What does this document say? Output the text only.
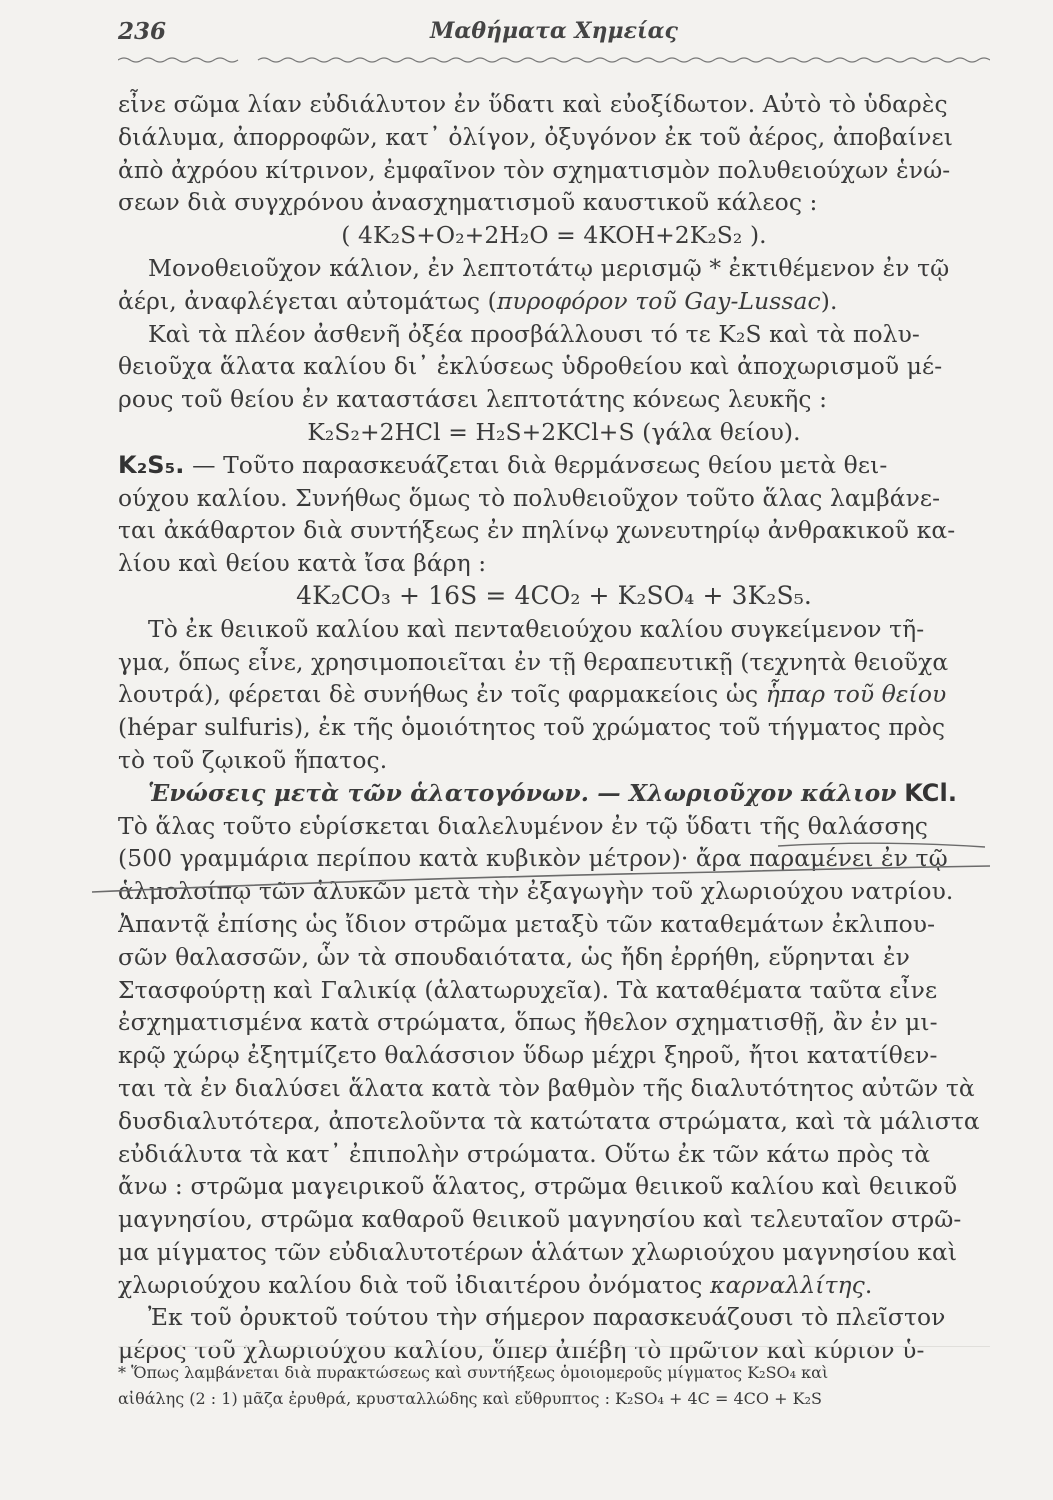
236	Μαθήματα Χημείας
εἶνε σῶμα λίαν εὐδιάλυτον ἐν ὕδατι καὶ εὐοξίδωτον. Αὐτὸ τὸ ὑδαρὲς
διάλυμα, ἀπορροφῶν, κατ᾿ ὀλίγον, ὀξυγόνον ἐκ τοῦ ἀέρος, ἀποβαίνει
ἀπὸ ἀχρόου κίτρινον, ἐμφαῖνον τὸν σχηματισμὸν πολυθειούχων ἑνώ-
σεων διὰ συγχρόνου ἀνασχηματισμοῦ καυστικοῦ κάλεος :
( 4K₂S+O₂+2H₂O = 4KOH+2K₂S₂ ).
Μονοθειοῦχον κάλιον, ἐν λεπτοτάτῳ μερισμῷ * ἐκτιθέμενον ἐν τῷ
ἀέρι, ἀναφλέγεται αὐτομάτως (πυροφόρον τοῦ Gay-Lussac).
Καὶ τὰ πλέον ἀσθενῆ ὀξέα προσβάλλουσι τό τε K₂S καὶ τὰ πολυ-
θειοῦχα ἅλατα καλίου δι᾿ ἐκλύσεως ὑδροθείου καὶ ἀποχωρισμοῦ μέ-
ρους τοῦ θείου ἐν καταστάσει λεπτοτάτης κόνεως λευκῆς :
K₂S₂+2HCl = H₂S+2KCl+S (γάλα θείου).
K₂S₅. — Τοῦτο παρασκευάζεται διὰ θερμάνσεως θείου μετὰ θει-
ούχου καλίου. Συνήθως ὅμως τὸ πολυθειοῦχον τοῦτο ἅλας λαμβάνε-
ται ἀκάθαρτον διὰ συντήξεως ἐν πηλίνῳ χωνευτηρίῳ ἀνθρακικοῦ κα-
λίου καὶ θείου κατὰ ἴσα βάρη :
4K₂CO₃ + 16S = 4CO₂ + K₂SO₄ + 3K₂S₅.
Τὸ ἐκ θειικοῦ καλίου καὶ πενταθειούχου καλίου συγκείμενον τῆ-
γμα, ὅπως εἶνε, χρησιμοποιεῖται ἐν τῇ θεραπευτικῇ (τεχνητὰ θειοῦχα
λουτρά), φέρεται δὲ συνήθως ἐν τοῖς φαρμακείοις ὡς ἧπαρ τοῦ θείου
(hépar sulfuris), ἐκ τῆς ὁμοιότητος τοῦ χρώματος τοῦ τήγματος πρὸς
τὸ τοῦ ζῳικοῦ ἥπατος.
Ἑνώσεις μετὰ τῶν ἁλατογόνων. — Χλωριοῦχον κάλιον KCl.
Τὸ ἅλας τοῦτο εὑρίσκεται διαλελυμένον ἐν τῷ ὕδατι τῆς θαλάσσης
(500 γραμμάρια περίπου κατὰ κυβικὸν μέτρον)· ἄρα παραμένει ἐν τῷ
ἁλμολοίπῳ τῶν ἁλυκῶν μετὰ τὴν ἐξαγωγὴν τοῦ χλωριούχου νατρίου.
Ἀπαντᾷ ἐπίσης ὡς ἴδιον στρῶμα μεταξὺ τῶν καταθεμάτων ἐκλιπου-
σῶν θαλασσῶν, ὧν τὰ σπουδαιότατα, ὡς ἤδη ἐρρήθη, εὕρηνται ἐν
Στασφούρτῃ καὶ Γαλικίᾳ (ἁλατωρυχεῖα). Τὰ καταθέματα ταῦτα εἶνε
ἐσχηματισμένα κατὰ στρώματα, ὅπως ἤθελον σχηματισθῇ, ἂν ἐν μι-
κρῷ χώρῳ ἐξητμίζετο θαλάσσιον ὕδωρ μέχρι ξηροῦ, ἤτοι κατατίθεν-
ται τὰ ἐν διαλύσει ἅλατα κατὰ τὸν βαθμὸν τῆς διαλυτότητος αὐτῶν τὰ
δυσδιαλυτότερα, ἀποτελοῦντα τὰ κατώτατα στρώματα, καὶ τὰ μάλιστα
εὐδιάλυτα τὰ κατ᾿ ἐπιπολὴν στρώματα. Οὕτω ἐκ τῶν κάτω πρὸς τὰ
ἄνω : στρῶμα μαγειρικοῦ ἅλατος, στρῶμα θειικοῦ καλίου καὶ θειικοῦ
μαγνησίου, στρῶμα καθαροῦ θειικοῦ μαγνησίου καὶ τελευταῖον στρῶ-
μα μίγματος τῶν εὐδιαλυτοτέρων ἁλάτων χλωριούχου μαγνησίου καὶ
χλωριούχου καλίου διὰ τοῦ ἰδιαιτέρου ὀνόματος καρναλλίτης.
Ἐκ τοῦ ὀρυκτοῦ τούτου τὴν σήμερον παρασκευάζουσι τὸ πλεῖστον
μέρος τοῦ χλωριούχου καλίου, ὅπερ ἀπέβη τὸ πρῶτον καὶ κύριον ὑ-
* Ὅπως λαμβάνεται διὰ πυρακτώσεως καὶ συντήξεως ὁμοιομεροῦς μίγματος K₂SO₄ καὶ
αἰθάλης (2 : 1) μᾶζα ἐρυθρά, κρυσταλλώδης καὶ εὔθρυπτος : K₂SO₄ + 4C = 4CO + K₂S
